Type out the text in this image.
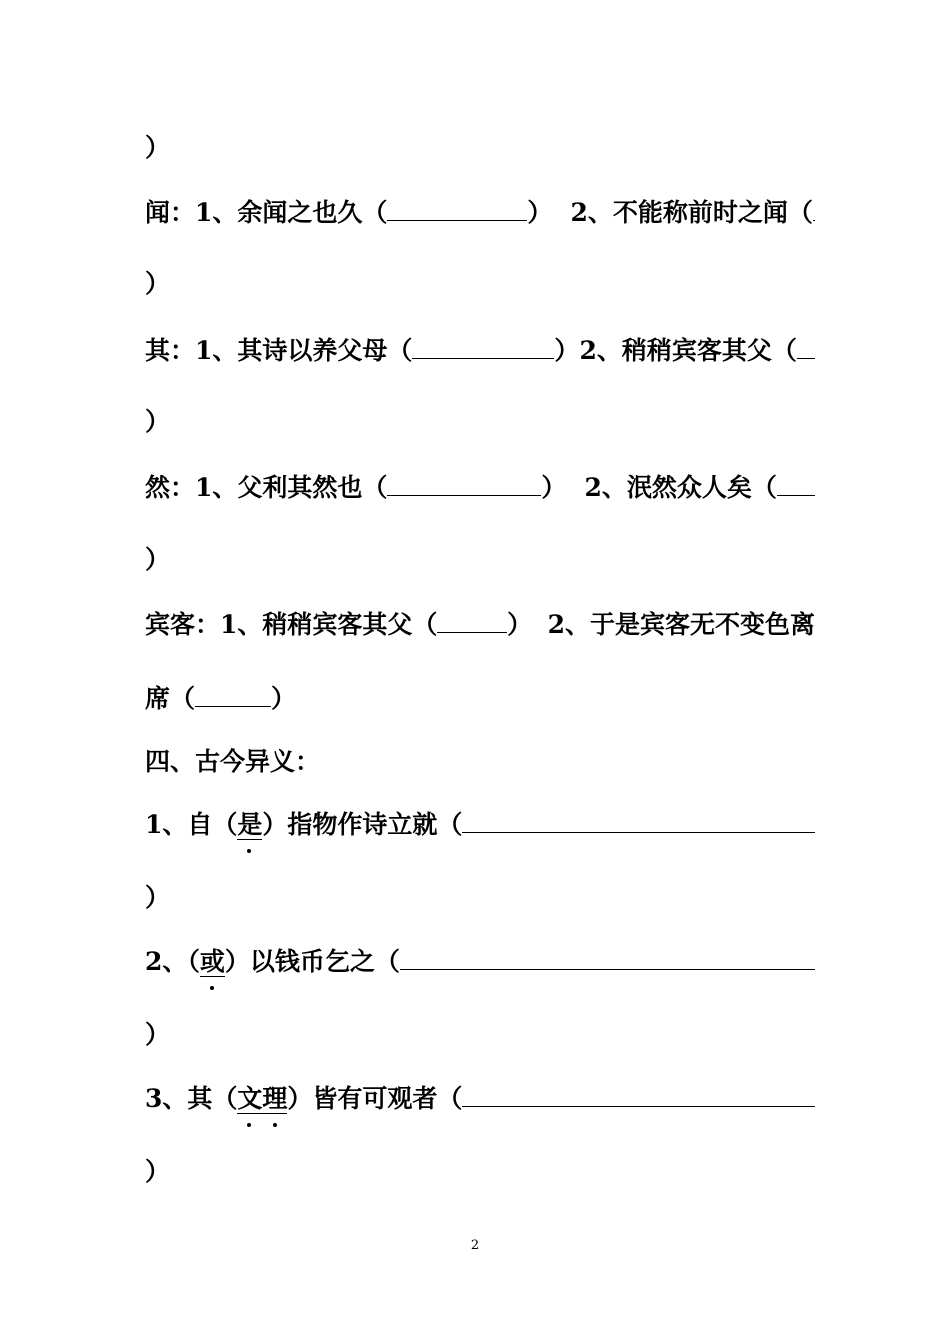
）
闻： 1、余闻之也久（	） 2、不能称前时之闻（
）
其： 1、其诗以养父母（	） 2、稍稍宾客其父（
）
然： 1、父利其然也（	） 2、泯然众人矣（
）
宾客： 1、稍稍宾客其父（	） 2、于是宾客无不变色离
席（	）
四、古今异义：
1、自（ 是 ）指物作诗立就（
）
2、（ 或 ）以钱币乞之（
）
3、其（ 文理 ）皆有可观者（
）
2
